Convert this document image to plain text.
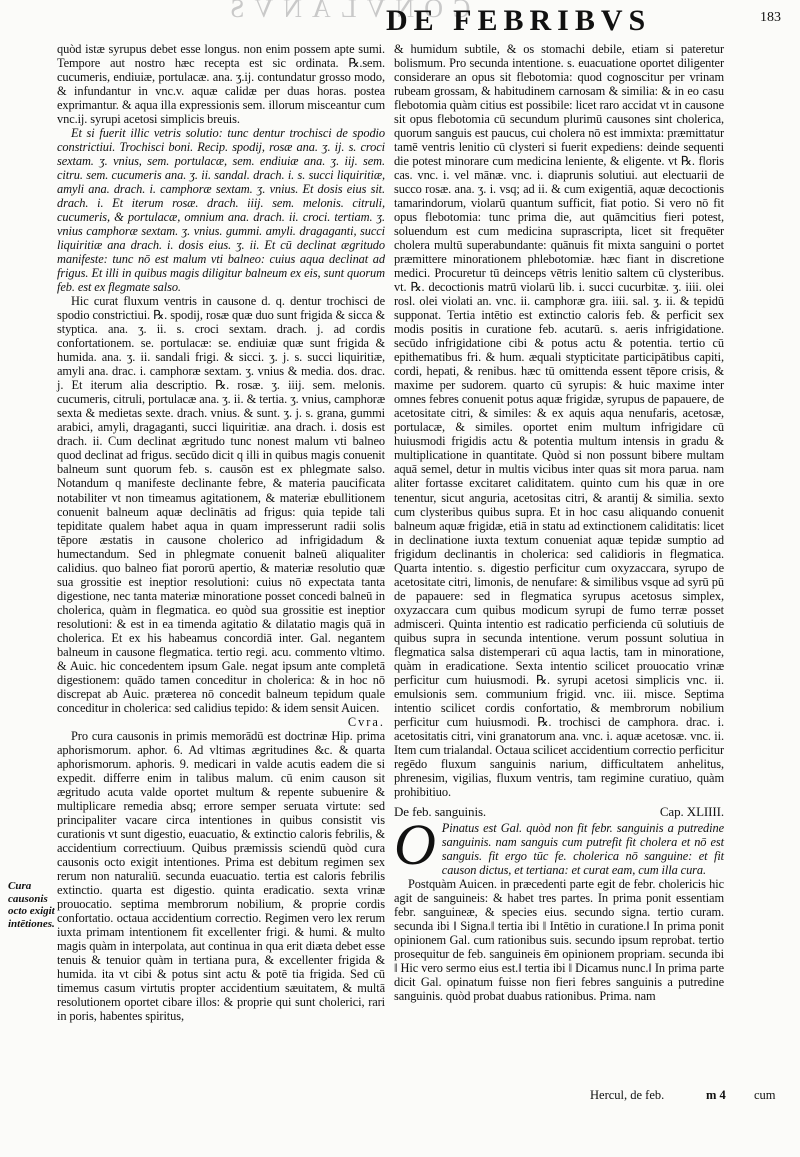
CONVLANVS
DE FEBRIBVS	183

quòd istæ syrupus debet esse longus. non enim possem apte sumi. Tempore aut nostro hæc recepta est sic ordinata. ℞.sem. cucumeris, endiuiæ, portulacæ. ana. ʒ.ij. contundatur grosso modo, & infundantur in vnc.v. aquæ calidæ per duas horas. postea exprimantur. & aqua illa expressionis sem. illorum misceantur cum vnc.ij. syrupi acetosi simplicis breuis.

Et si fuerit illic vetris solutio: tunc dentur trochisci de spodio constrictiui. Trochisci boni. Recip. spodij, rosæ ana. ʒ. ij. s. croci sextam. ʒ. vnius, sem. portulacæ, sem. endiuiæ ana. ʒ. iij. sem. citru. sem. cucumeris ana. ʒ. ii. sandal. drach. i. s. succi liquiritiæ, amyli ana. drach. i. camphoræ sextam. ʒ. vnius. Et dosis eius sit. drach. i. Et iterum rosæ. drach. iiij. sem. melonis. citruli, cucumeris, & portulacæ, omnium ana. drach. ii. croci. tertiam. ʒ. vnius camphoræ sextam. ʒ. vnius. gummi. amyli. dragaganti, succi liquiritiæ ana drach. i. dosis eius. ʒ. ii. Et cū declinat ægritudo manifeste: tunc nō est malum vti balneo: cuius aqua declinat ad frigus. Et illi in quibus magis diligitur balneum ex eis, sunt quorum feb. est ex flegmate salso.

Hic curat fluxum ventris in causone d. q. dentur trochisci de spodio constrictiui. ℞. spodij, rosæ quæ duo sunt frigida & sicca & styptica. ana. ʒ. ii. s. croci sextam. drach. j. ad cordis confortationem. se. portulacæ: se. endiuiæ quæ sunt frigida & humida. ana. ʒ. ii. sandali frigi. & sicci. ʒ. j. s. succi liquiritiæ, amyli ana. drac. i. camphoræ sextam. ʒ. vnius & media. dos. drac. j. Et iterum alia descriptio. ℞. rosæ. ʒ. iiij. sem. melonis. cucumeris, citruli, portulacæ ana. ʒ. ii. & tertia. ʒ. vnius, camphoræ sexta & medietas sexte. drach. vnius. & sunt. ʒ. j. s. grana, gummi arabici, amyli, dragaganti, succi liquiritiæ. ana drach. i. dosis est drach. ii. Cum declinat ægritudo tunc nonest malum vti balneo quod declinat ad frigus. secūdo dicit q illi in quibus magis conuenit balneum sunt quorum feb. s. causōn est ex phlegmate salso. Notandum q manifeste declinante febre, & materia paucificata notabiliter vt non timeamus agitationem, & materiæ ebullitionem conuenit balneum aquæ declinātis ad frigus: quia tepide tali tepiditate qualem habet aqua in quam impresserunt radii solis tēpore æstatis in causone cholerico ad infrigidadum & humectandum. Sed in phlegmate conuenit balneū aliqualiter calidius. quo balneo fiat pororū apertio, & materiæ resolutio quæ sua grossitie est ineptior resolutioni: cuius nō expectata tanta digestione, nec tanta materiæ minoratione posset concedi balneū in cholerica, quàm in flegmatica. eo quòd sua grossitie est ineptior resolutioni: & est in ea timenda agitatio & dilatatio magis quā in cholerica. Et ex his habeamus concordiā inter. Gal. negantem balneum in causone flegmatica. tertio regi. acu. commento vltimo. & Auic. hic concedentem ipsum Gale. negat ipsum ante completā digestionem: quādo tamen conceditur in cholerica: & in hoc nō discrepat ab Auic. præterea nō concedit balneum tepidum quale conceditur in cholerica: sed calidius tepido: & idem sensit Auicen.

Cvra.

Pro cura causonis in primis memorādū est doctrinæ Hip. prima aphorismorum. aphor. 6. Ad vltimas ægritudines &c. & quarta aphorismorum. aphoris. 9. medicari in valde acutis eadem die si expedit. differre enim in talibus malum. cū enim causon sit ægritudo acuta valde oportet multum & repente subuenire & multiplicare remedia absq; errore semper seruata virtute: sed principaliter vacare circa intentiones in quibus consistit vis curationis vt sunt digestio, euacuatio, & extinctio caloris febrilis, & accidentium correctiuum. Quibus præmissis sciendū quòd cura causonis octo exigit intentiones. Prima est debitum regimen sex rerum non naturaliū. secunda euacuatio. tertia est caloris febrilis extinctio. quarta est digestio. quinta eradicatio. sexta vrinæ prouocatio. septima membrorum nobilium, & proprie cordis confortatio. octaua accidentium correctio. Regimen vero lex rerum iuxta primam intentionem fit excellenter frigi. & humi. & multo magis quàm in interpolata, aut continua in qua erit diæta debet esse tenuis & tenuior quàm in tertiana pura, & excellenter frigida & humida. ita vt cibi & potus sint actu & potē tia frigida. Sed cū timemus casum virtutis propter accidentium sæuitatem, & multā resolutionem oportet cibare illos: & proprie qui sunt cholerici, rari in poris, habentes spiritus,

Cura causonis octo exigit intētiones.

& humidum subtile, & os stomachi debile, etiam si pateretur bolismum. Pro secunda intentione. s. euacuatione oportet diligenter considerare an opus sit flebotomia: quod cognoscitur per vrinam rubeam grossam, & habitudinem carnosam & similia: & in eo casu flebotomia quàm citius est possibile: licet raro accidat vt in causone sit opus flebotomia cū secundum plurimū causones sint cholerica, quorum sanguis est paucus, cui cholera nō est immixta: præmittatur tamē ventris lenitio cū clysteri si fuerit expediens: deinde sequenti die potest minorare cum medicina leniente, & eligente. vt ℞. floris cas. vnc. i. vel mānæ. vnc. i. diaprunis solutiui. aut electuarii de succo rosæ. ana. ʒ. i. vsq; ad ii. & cum exigentiā, aquæ decoctionis tamarindorum, violarū quantum sufficit, fiat potio. Si vero nō fit opus flebotomia: tunc prima die, aut quāmcitius fieri potest, soluendum est cum medicina suprascripta, licet sit frequēter cholera multū superabundante: quānuis fit mixta sanguini o portet præmittere minorationem phlebotomiæ. hæc fiant in discretione medici. Procuretur tū deinceps vētris lenitio saltem cū clysteribus. vt. ℞. decoctionis matrū violarū lib. i. succi cucurbitæ. ʒ. iiii. olei rosl. olei violati an. vnc. ii. camphoræ gra. iiii. sal. ʒ. ii. & tepidū supponat. Tertia intētio est extinctio caloris feb. & perficit sex modis positis in curatione feb. acutarū. s. aeris infrigidatione. secūdo infrigidatione cibi & potus actu & potentia. tertio cū epithematibus fri. & hum. æquali stypticitate participātibus capiti, cordi, hepati, & renibus. hæc tū omittenda essent tēpore crisis, & maxime per sudorem. quarto cū syrupis: & huic maxime inter omnes febres conuenit potus aquæ frigidæ, syrupus de papauere, de acetositate citri, & similes: & ex aquis aqua nenufaris, acetosæ, portulacæ, & similes. oportet enim multum infrigidare cū huiusmodi frigidis actu & potentia multum intensis in gradu & multiplicatione in quantitate. Quòd si non possunt bibere multam aquā semel, detur in multis vicibus inter quas sit mora parua. nam aliter fortasse excitaret caliditatem. quinto cum his quæ in ore tenentur, sicut anguria, acetositas citri, & arantij & similia. sexto cum clysteribus quibus supra. Et in hoc casu aliquando conuenit balneum aquæ frigidæ, etiā in statu ad extinctionem caliditatis: licet in declinatione iuxta textum conueniat aquæ tepidæ sumptio ad frigidum declinantis in cholerica: sed calidioris in flegmatica. Quarta intentio. s. digestio perficitur cum oxyzaccara, syrupo de acetositate citri, limonis, de nenufare: & similibus vsque ad syrū pū de papauere: sed in flegmatica syrupus acetosus simplex, oxyzaccara cum quibus modicum syrupi de fumo terræ posset admisceri. Quinta intentio est radicatio perficienda cū solutiuis de quibus supra in secunda intentione. verum possunt solutiua in flegmatica salsa distemperari cū aqua lactis, tam in minoratione, quàm in eradicatione. Sexta intentio scilicet prouocatio vrinæ perficitur cum huiusmodi. ℞. syrupi acetosi simplicis vnc. ii. emulsionis sem. communium frigid. vnc. iii. misce. Septima intentio scilicet cordis confortatio, & membrorum nobilium perficitur cum huiusmodi. ℞. trochisci de camphora. drac. i. acetositatis citri, vini granatorum ana. vnc. i. aquæ acetosæ. vnc. ii. Item cum trialandal. Octaua scilicet accidentium correctio perficitur regēdo fluxum sanguinis narium, difficultatem anhelitus, phrenesim, vigilias, fluxum ventris, tam regimine curatiuo, quàm prohibitiuo.

De feb. sanguinis.	Cap. XLIIII.

O Pinatus est Gal. quòd non fit febr. sanguinis a putredine sanguinis. nam sanguis cum putrefit fit cholera et nō est sanguis. fit ergo tūc fe. cholerica nō sanguine: et fit causon dictus, et tertiana: et curat eam, cum illa cura.

Postquàm Auicen. in præcedenti parte egit de febr. cholericis hic agit de sanguineis: & habet tres partes. In prima ponit essentiam febr. sanguineæ, & species eius. secundo signa. tertio curam. secunda ibi ‖ Signa.‖ tertia ibi ‖ Intētio in curatione.‖ In prima ponit opinionem Gal. cum rationibus suis. secundo ipsum reprobat. tertio prosequitur de feb. sanguineis ēm opinionem propriam. secunda ibi ‖ Hic vero sermo eius est.‖ tertia ibi ‖ Dicamus nunc.‖ In prima parte dicit Gal. opinatum fuisse non fieri febres sanguinis a putredine sanguinis. quòd probat duabus rationibus. Prima. nam

Hercul, de feb.	m 4 cum
